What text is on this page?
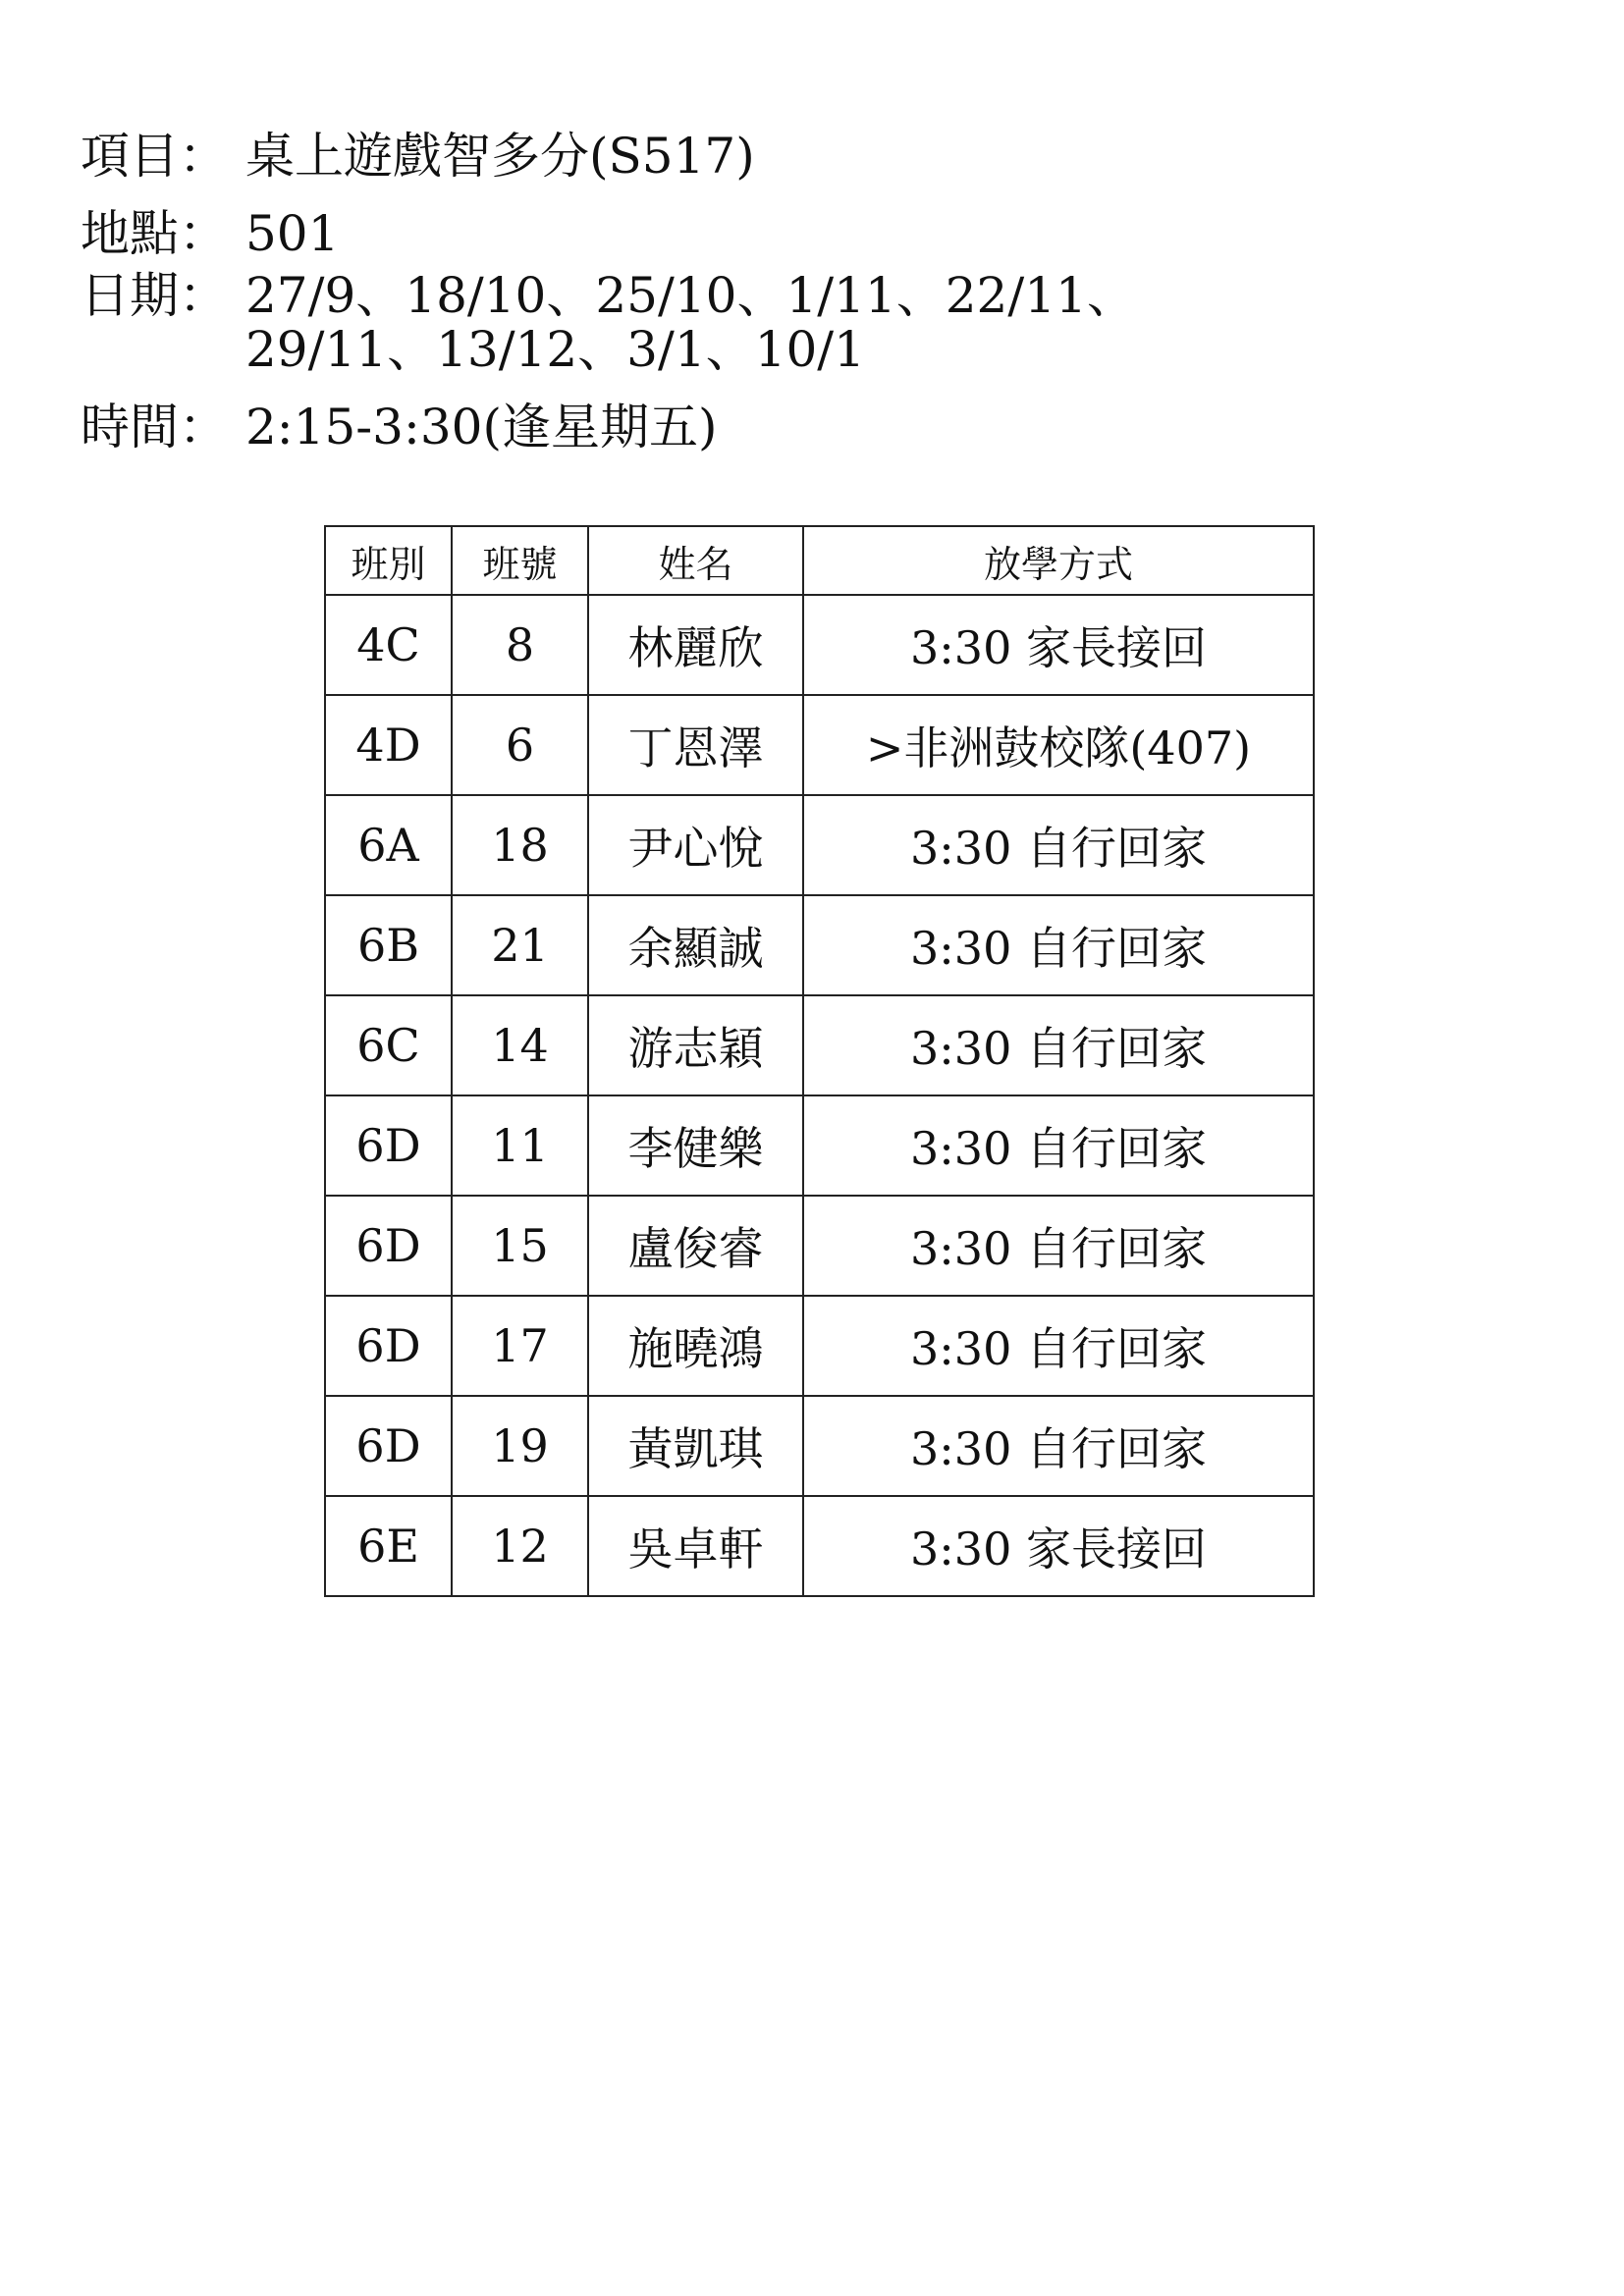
項目： 桌上遊戲智多分(S517)
地點： 501
日期： 27/9、18/10、25/10、1/11、22/11、
29/11、13/12、3/1、10/1
時間： 2:15-3:30(逢星期五)
班別	班號	姓名	放學方式
4C	8	林麗欣	3:30 家長接回
4D	6	丁恩澤	>非洲鼓校隊(407)
6A	18	尹心悅	3:30 自行回家
6B	21	余顯誠	3:30 自行回家
6C	14	游志穎	3:30 自行回家
6D	11	李健樂	3:30 自行回家
6D	15	盧俊睿	3:30 自行回家
6D	17	施曉鴻	3:30 自行回家
6D	19	黃凱琪	3:30 自行回家
6E	12	吳卓軒	3:30 家長接回
